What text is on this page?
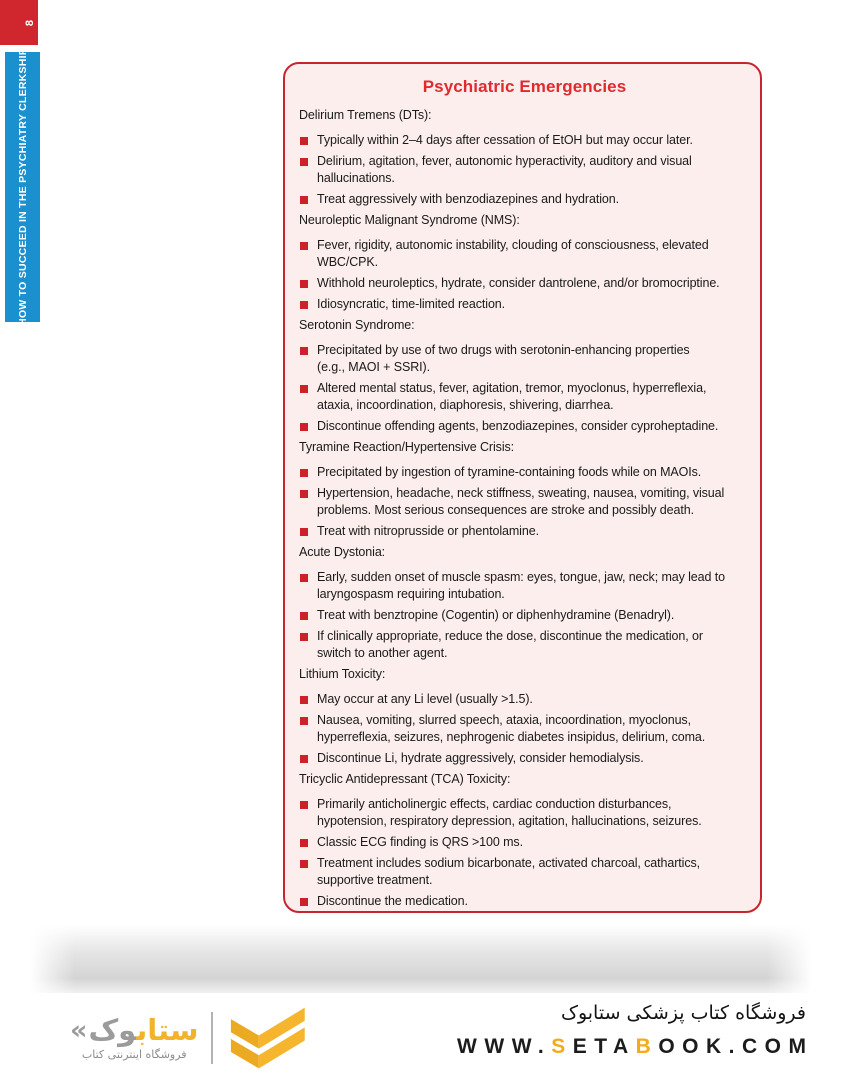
8
HOW TO SUCCEED IN THE PSYCHIATRY CLERKSHIP	Psychiatric Emergencies
Delirium Tremens (DTs):
Typically within 2–4 days after cessation of EtOH but may occur later.
Delirium, agitation, fever, autonomic hyperactivity, auditory and visual
hallucinations.
Treat aggressively with benzodiazepines and hydration.
Neuroleptic Malignant Syndrome (NMS):
Fever, rigidity, autonomic instability, clouding of consciousness, elevated
WBC/CPK.
Withhold neuroleptics, hydrate, consider dantrolene, and/or bromocriptine.
Idiosyncratic, time-limited reaction.
Serotonin Syndrome:
Precipitated by use of two drugs with serotonin-enhancing properties
(e.g., MAOI + SSRI).
Altered mental status, fever, agitation, tremor, myoclonus, hyperreflexia,
ataxia, incoordination, diaphoresis, shivering, diarrhea.
Discontinue offending agents, benzodiazepines, consider cyproheptadine.
Tyramine Reaction/Hypertensive Crisis:
Precipitated by ingestion of tyramine-containing foods while on MAOIs.
Hypertension, headache, neck stiffness, sweating, nausea, vomiting, visual
problems. Most serious consequences are stroke and possibly death.
Treat with nitroprusside or phentolamine.
Acute Dystonia:
Early, sudden onset of muscle spasm: eyes, tongue, jaw, neck; may lead to
laryngospasm requiring intubation.
Treat with benztropine (Cogentin) or diphenhydramine (Benadryl).
If clinically appropriate, reduce the dose, discontinue the medication, or
switch to another agent.
Lithium Toxicity:
May occur at any Li level (usually >1.5).
Nausea, vomiting, slurred speech, ataxia, incoordination, myoclonus,
hyperreflexia, seizures, nephrogenic diabetes insipidus, delirium, coma.
Discontinue Li, hydrate aggressively, consider hemodialysis.
Tricyclic Antidepressant (TCA) Toxicity:
Primarily anticholinergic effects, cardiac conduction disturbances,
hypotension, respiratory depression, agitation, hallucinations, seizures.
Classic ECG finding is QRS >100 ms.
Treatment includes sodium bicarbonate, activated charcoal, cathartics,
supportive treatment.
Discontinue the medication.
«	ستابوک
فروشگاه اینترنتی کتاب
فروشگاه کتاب پزشکی ستابوک
WWW.SETABOOK.COM
